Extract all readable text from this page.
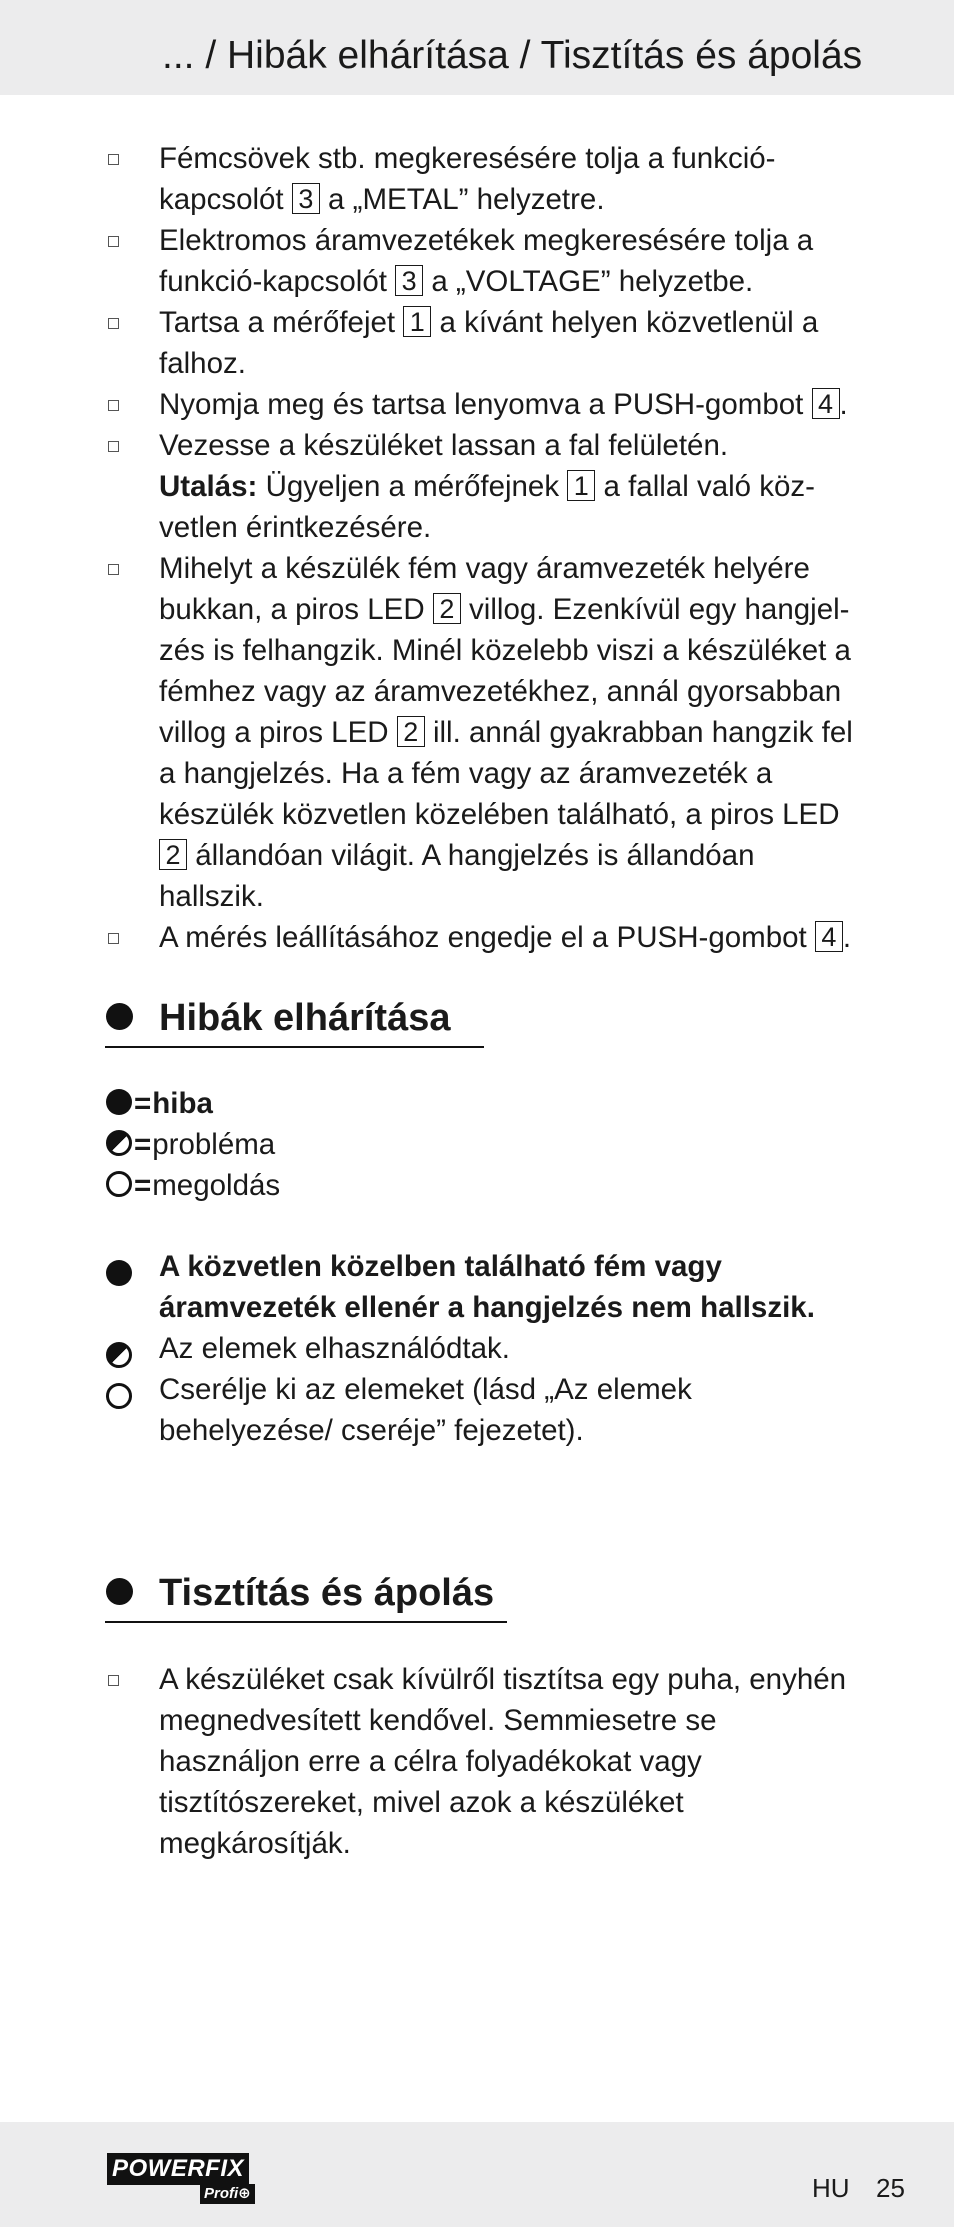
... / Hibák elhárítása / Tisztítás és ápolás
Fémcsövek stb. megkeresésére tolja a funkció-kapcsolót 3 a „METAL” helyzetre.
Elektromos áramvezetékek megkeresésére tolja a funkció-kapcsolót 3 a „VOLTAGE” helyzetbe.
Tartsa a mérőfejet 1 a kívánt helyen közvetlenül a falhoz.
Nyomja meg és tartsa lenyomva a PUSH-gombot 4 .
Vezesse a készüléket lassan a fal felületén.
Utalás: Ügyeljen a mérőfejnek 1 a fallal való köz-vetlen érintkezésére.
Mihelyt a készülék fém vagy áramvezeték helyére bukkan, a piros LED 2 villog. Ezenkívül egy hangjel-zés is felhangzik. Minél közelebb viszi a készüléket a fémhez vagy az áramvezetékhez, annál gyorsabban villog a piros LED 2 ill. annál gyakrabban hangzik fel a hangjelzés. Ha a fém vagy az áramvezeték a készülék közvetlen közelében található, a piros LED 2 állandóan világit. A hangjelzés is állandóan hallszik.
A mérés leállításához engedje el a PUSH-gombot 4 .
Hibák elhárítása
=hiba
=probléma
=megoldás
A közvetlen közelben található fém vagy áramvezeték ellenér a hangjelzés nem hallszik.
Az elemek elhasználódtak.
Cserélje ki az elemeket (lásd „Az elemek behelyezése/ cseréje” fejezetet).
Tisztítás és ápolás
A készüléket csak kívülről tisztítsa egy puha, enyhén megnedvesített kendővel. Semmiesetre se használjon erre a célra folyadékokat vagy tisztítószereket, mivel azok a készüléket megkárosítják.
POWERFIX
Profi⊕	HU 25
